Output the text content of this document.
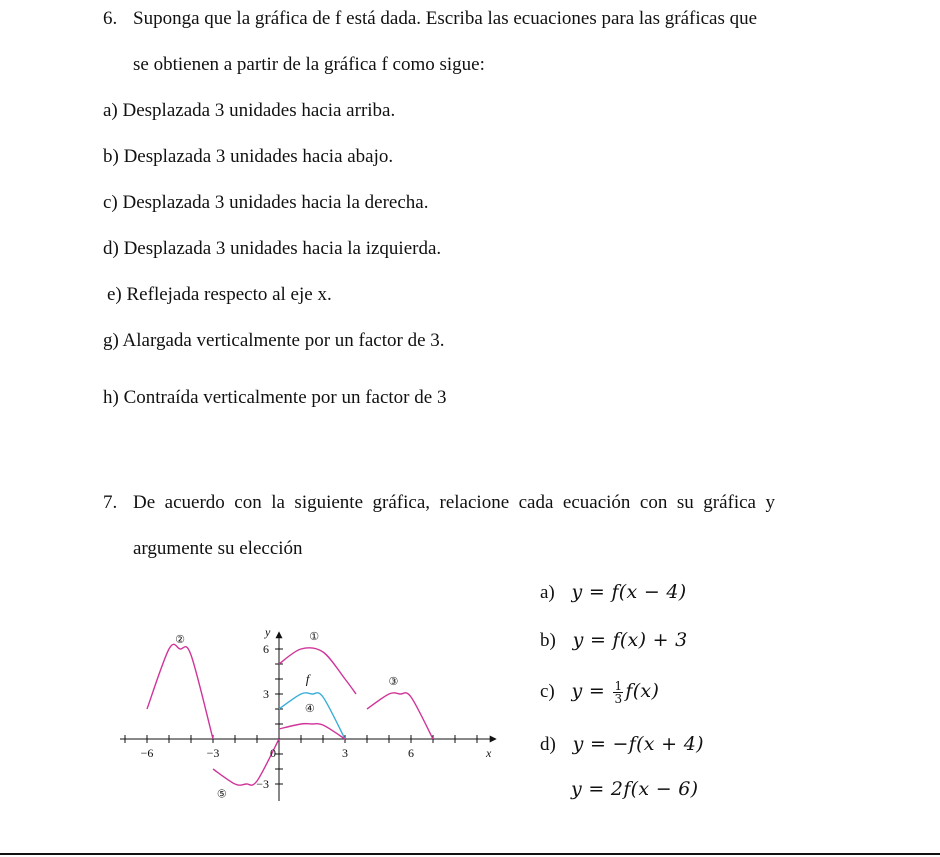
6. Suponga que la gráfica de f está dada. Escriba las ecuaciones para las gráficas que
se obtienen a partir de la gráfica f como sigue:
a) Desplazada 3 unidades hacia arriba.
b) Desplazada 3 unidades hacia abajo.
c) Desplazada 3 unidades hacia la derecha.
d) Desplazada 3 unidades hacia la izquierda.
e) Reflejada respecto al eje x.
g) Alargada verticalmente por un factor de 3.
h) Contraída verticalmente por un factor de 3
7. De acuerdo con la siguiente gráfica, relacione cada ecuación con su gráfica y
argumente su elección
−6	−3	0	3	6
6
3
−3
x
y
f
①
②
③
④
⑤
a) y = f(x − 4)
b) y = f(x) + 3
c) $y = \frac{1}{3} f(x)$
d) y = −f(x + 4)
y = 2f(x − 6)
